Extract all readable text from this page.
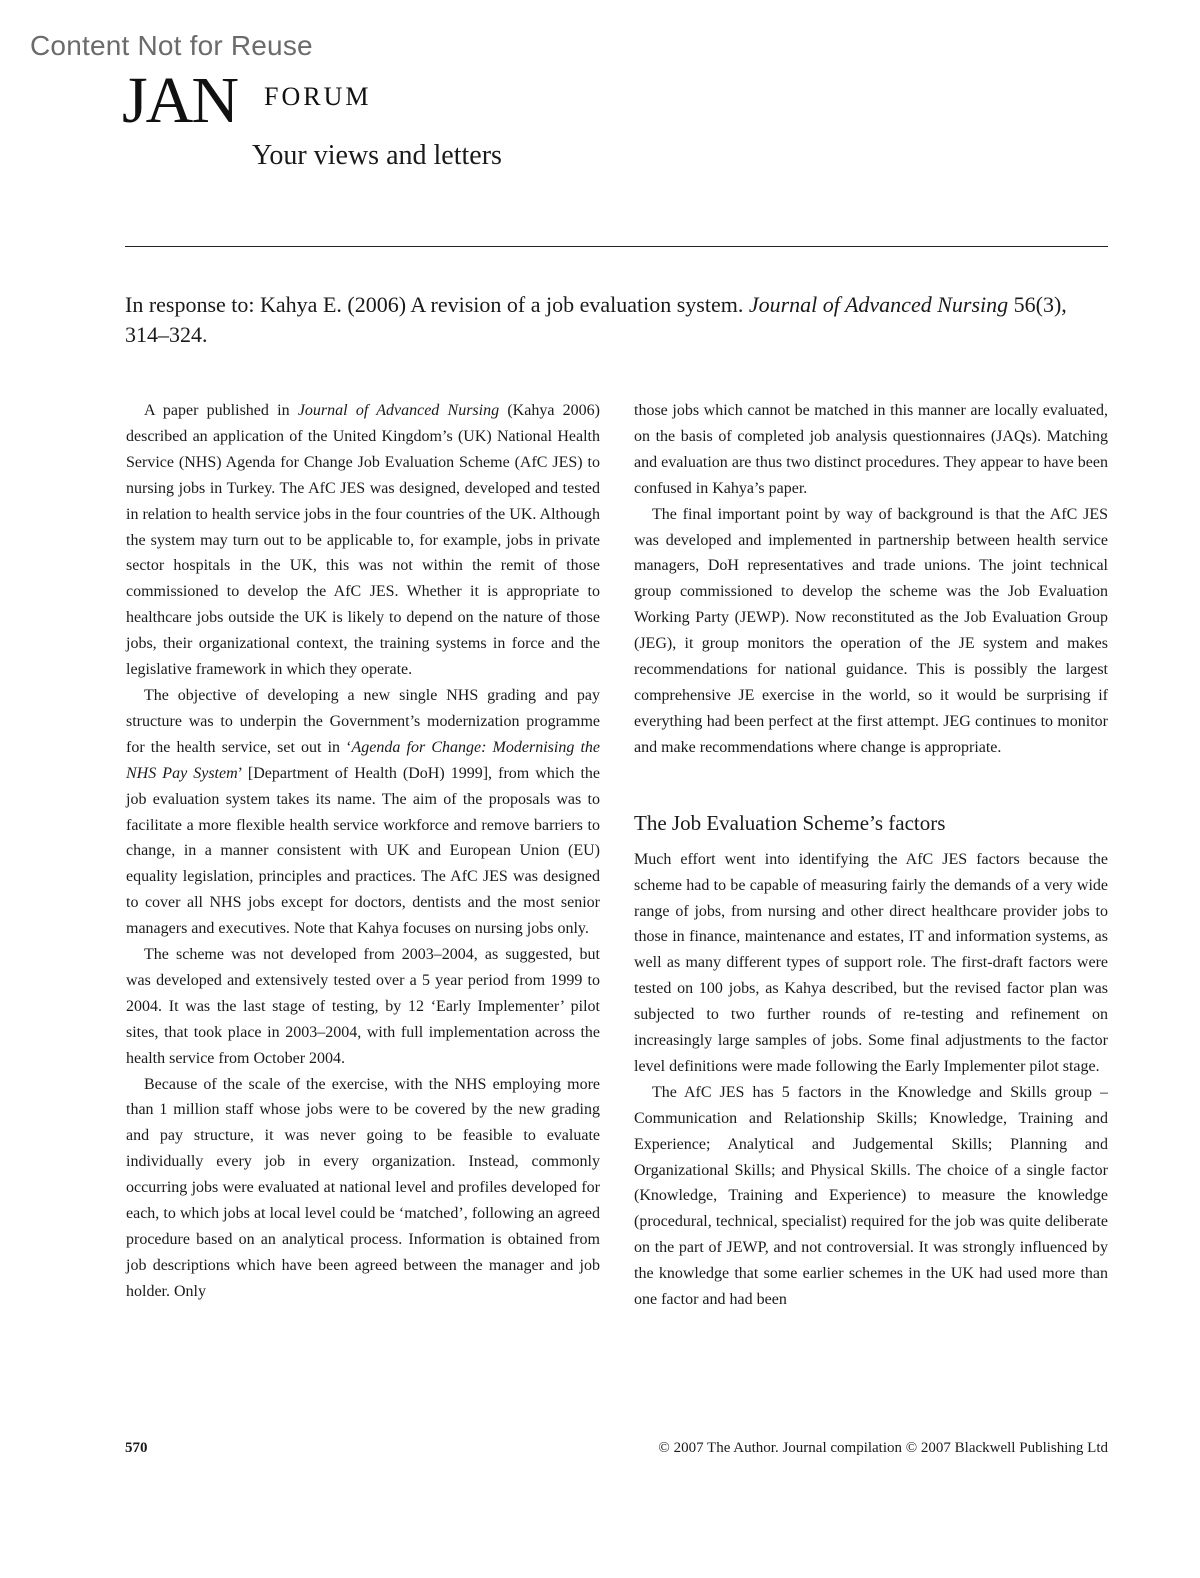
Content Not for Reuse
JAN FORUM
Your views and letters
In response to: Kahya E. (2006) A revision of a job evaluation system. Journal of Advanced Nursing 56(3), 314–324.

A paper published in Journal of Advanced Nursing (Kahya 2006) described an application of the United Kingdom’s (UK) National Health Service (NHS) Agenda for Change Job Evaluation Scheme (AfC JES) to nursing jobs in Turkey. The AfC JES was designed, developed and tested in relation to health service jobs in the four countries of the UK. Although the system may turn out to be applicable to, for example, jobs in private sector hospitals in the UK, this was not within the remit of those commissioned to develop the AfC JES. Whether it is appropriate to healthcare jobs outside the UK is likely to depend on the nature of those jobs, their organizational context, the training systems in force and the legislative framework in which they operate.

The objective of developing a new single NHS grading and pay structure was to underpin the Government’s modernization programme for the health service, set out in ‘Agenda for Change: Modernising the NHS Pay System’ [Department of Health (DoH) 1999], from which the job evaluation system takes its name. The aim of the proposals was to facilitate a more flexible health service workforce and remove barriers to change, in a manner consistent with UK and European Union (EU) equality legislation, principles and practices. The AfC JES was designed to cover all NHS jobs except for doctors, dentists and the most senior managers and executives. Note that Kahya focuses on nursing jobs only.

The scheme was not developed from 2003–2004, as suggested, but was developed and extensively tested over a 5 year period from 1999 to 2004. It was the last stage of testing, by 12 ‘Early Implementer’ pilot sites, that took place in 2003–2004, with full implementation across the health service from October 2004.

Because of the scale of the exercise, with the NHS employing more than 1 million staff whose jobs were to be covered by the new grading and pay structure, it was never going to be feasible to evaluate individually every job in every organization. Instead, commonly occurring jobs were evaluated at national level and profiles developed for each, to which jobs at local level could be ‘matched’, following an agreed procedure based on an analytical process. Information is obtained from job descriptions which have been agreed between the manager and job holder. Only

those jobs which cannot be matched in this manner are locally evaluated, on the basis of completed job analysis questionnaires (JAQs). Matching and evaluation are thus two distinct procedures. They appear to have been confused in Kahya’s paper.

The final important point by way of background is that the AfC JES was developed and implemented in partnership between health service managers, DoH representatives and trade unions. The joint technical group commissioned to develop the scheme was the Job Evaluation Working Party (JEWP). Now reconstituted as the Job Evaluation Group (JEG), it group monitors the operation of the JE system and makes recommendations for national guidance. This is possibly the largest comprehensive JE exercise in the world, so it would be surprising if everything had been perfect at the first attempt. JEG continues to monitor and make recommendations where change is appropriate.

The Job Evaluation Scheme’s factors

Much effort went into identifying the AfC JES factors because the scheme had to be capable of measuring fairly the demands of a very wide range of jobs, from nursing and other direct healthcare provider jobs to those in finance, maintenance and estates, IT and information systems, as well as many different types of support role. The first-draft factors were tested on 100 jobs, as Kahya described, but the revised factor plan was subjected to two further rounds of re-testing and refinement on increasingly large samples of jobs. Some final adjustments to the factor level definitions were made following the Early Implementer pilot stage.

The AfC JES has 5 factors in the Knowledge and Skills group – Communication and Relationship Skills; Knowledge, Training and Experience; Analytical and Judgemental Skills; Planning and Organizational Skills; and Physical Skills. The choice of a single factor (Knowledge, Training and Experience) to measure the knowledge (procedural, technical, specialist) required for the job was quite deliberate on the part of JEWP, and not controversial. It was strongly influenced by the knowledge that some earlier schemes in the UK had used more than one factor and had been

570	© 2007 The Author. Journal compilation © 2007 Blackwell Publishing Ltd
